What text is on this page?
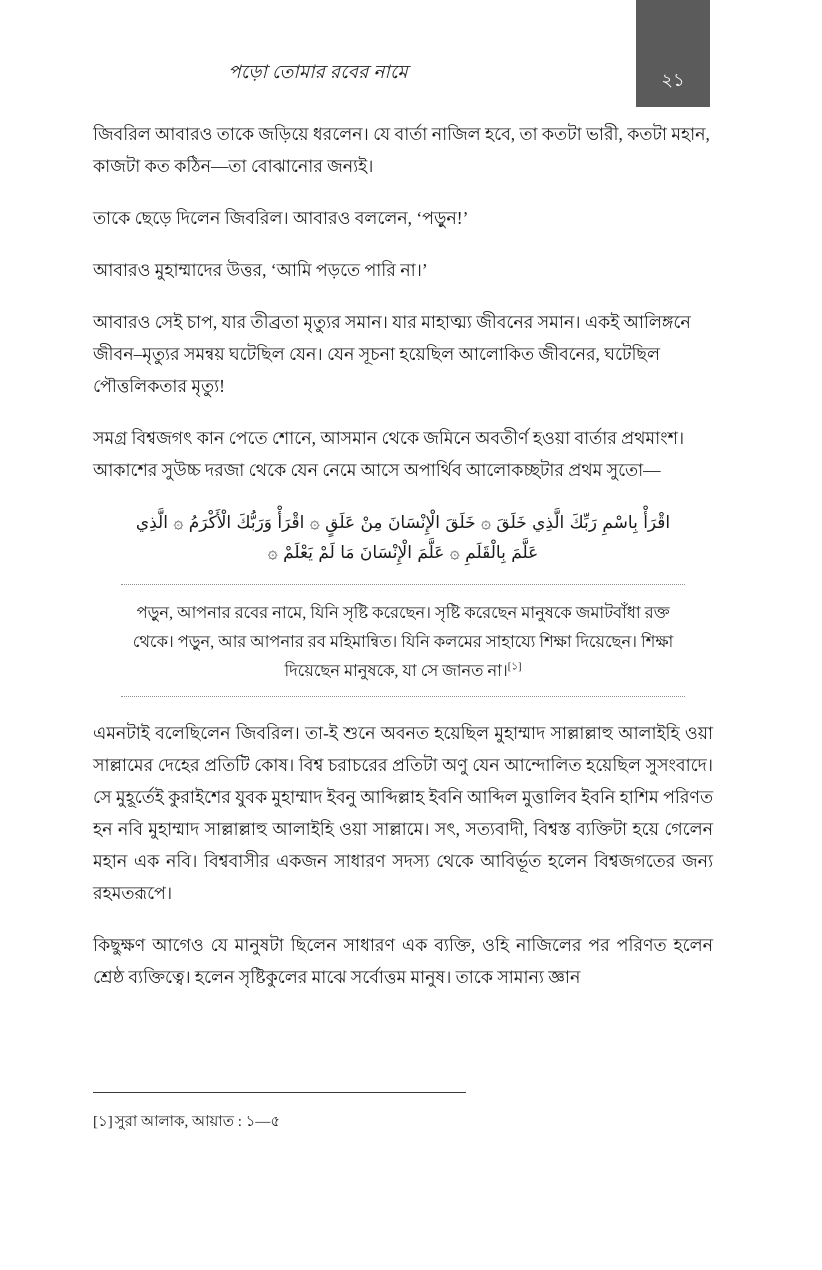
পড়ো তোমার রবের নামে	২১

জিবরিল আবারও তাকে জড়িয়ে ধরলেন। যে বার্তা নাজিল হবে, তা কতটা ভারী, কতটা মহান, কাজটা কত কঠিন—তা বোঝানোর জন্যই।

তাকে ছেড়ে দিলেন জিবরিল। আবারও বললেন, ‘পড়ুন!’

আবারও মুহাম্মাদের উত্তর, ‘আমি পড়তে পারি না।’

আবারও সেই চাপ, যার তীব্রতা মৃত্যুর সমান। যার মাহাত্ম্য জীবনের সমান। একই আলিঙ্গনে জীবন–মৃত্যুর সমন্বয় ঘটেছিল যেন। যেন সূচনা হয়েছিল আলোকিত জীবনের, ঘটেছিল পৌত্তলিকতার মৃত্যু!

সমগ্র বিশ্বজগৎ কান পেতে শোনে, আসমান থেকে জমিনে অবতীর্ণ হওয়া বার্তার প্রথমাংশ। আকাশের সুউচ্চ দরজা থেকে যেন নেমে আসে অপার্থিব আলোকচ্ছটার প্রথম সুতো—

اقْرَأْ بِاسْمِ رَبِّكَ الَّذِي خَلَقَ ۞ خَلَقَ الْإِنْسَانَ مِنْ عَلَقٍ ۞ اقْرَأْ وَرَبُّكَ الْأَكْرَمُ ۞ الَّذِي عَلَّمَ بِالْقَلَمِ ۞ عَلَّمَ الْإِنْسَانَ مَا لَمْ يَعْلَمْ ۞

পড়ুন, আপনার রবের নামে, যিনি সৃষ্টি করেছেন। সৃষ্টি করেছেন মানুষকে জমাটবাঁধা রক্ত থেকে। পড়ুন, আর আপনার রব মহিমান্বিত। যিনি কলমের সাহায্যে শিক্ষা দিয়েছেন। শিক্ষা দিয়েছেন মানুষকে, যা সে জানত না।[১]

এমনটাই বলেছিলেন জিবরিল। তা-ই শুনে অবনত হয়েছিল মুহাম্মাদ সাল্লাল্লাহু আলাইহি ওয়া সাল্লামের দেহের প্রতিটি কোষ। বিশ্ব চরাচরের প্রতিটা অণু যেন আন্দোলিত হয়েছিল সুসংবাদে। সে মুহূর্তেই কুরাইশের যুবক মুহাম্মাদ ইবনু আব্দিল্লাহ ইবনি আব্দিল মুত্তালিব ইবনি হাশিম পরিণত হন নবি মুহাম্মাদ সাল্লাল্লাহু আলাইহি ওয়া সাল্লামে। সৎ, সত্যবাদী, বিশ্বস্ত ব্যক্তিটা হয়ে গেলেন মহান এক নবি। বিশ্ববাসীর একজন সাধারণ সদস্য থেকে আবির্ভূত হলেন বিশ্বজগতের জন্য রহমতরূপে।

কিছুক্ষণ আগেও যে মানুষটা ছিলেন সাধারণ এক ব্যক্তি, ওহি নাজিলের পর পরিণত হলেন শ্রেষ্ঠ ব্যক্তিত্বে। হলেন সৃষ্টিকুলের মাঝে সর্বোত্তম মানুষ। তাকে সামান্য জ্ঞান

[১] সুরা আলাক, আয়াত : ১—৫
